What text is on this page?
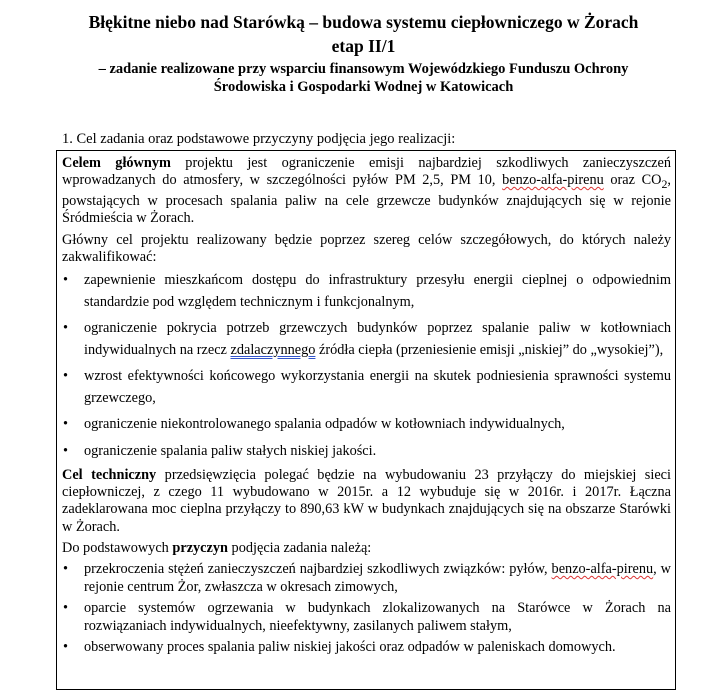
Błękitne niebo nad Starówką – budowa systemu ciepłowniczego w Żorach
etap II/1
– zadanie realizowane przy wsparciu finansowym Wojewódzkiego Funduszu Ochrony
Środowiska i Gospodarki Wodnej w Katowicach
1. Cel zadania oraz podstawowe przyczyny podjęcia jego realizacji:

Celem głównym projektu jest ograniczenie emisji najbardziej szkodliwych zanieczyszczeń wprowadzanych do atmosfery, w szczególności pyłów PM 2,5, PM 10, benzo-alfa-pirenu oraz $CO_2$, powstających w procesach spalania paliw na cele grzewcze budynków znajdujących się w rejonie Śródmieścia w Żorach.

Główny cel projektu realizowany będzie poprzez szereg celów szczegółowych, do których należy zakwalifikować:

• zapewnienie mieszkańcom dostępu do infrastruktury przesyłu energii cieplnej o odpowiednim standardzie pod względem technicznym i funkcjonalnym,
• ograniczenie pokrycia potrzeb grzewczych budynków poprzez spalanie paliw w kotłowniach indywidualnych na rzecz zdalaczynnego źródła ciepła (przeniesienie emisji „niskiej” do „wysokiej”),
• wzrost efektywności końcowego wykorzystania energii na skutek podniesienia sprawności systemu grzewczego,
• ograniczenie niekontrolowanego spalania odpadów w kotłowniach indywidualnych,
• ograniczenie spalania paliw stałych niskiej jakości.

Cel techniczny przedsięwzięcia polegać będzie na wybudowaniu 23 przyłączy do miejskiej sieci ciepłowniczej, z czego 11 wybudowano w 2015r. a 12 wybuduje się w 2016r. i 2017r. Łączna zadeklarowana moc cieplna przyłączy to 890,63 kW w budynkach znajdujących się na obszarze Starówki w Żorach.

Do podstawowych przyczyn podjęcia zadania należą:

• przekroczenia stężeń zanieczyszczeń najbardziej szkodliwych związków: pyłów, benzo-alfa-pirenu, w rejonie centrum Żor, zwłaszcza w okresach zimowych,
• oparcie systemów ogrzewania w budynkach zlokalizowanych na Starówce w Żorach na rozwiązaniach indywidualnych, nieefektywny, zasilanych paliwem stałym,
• obserwowany proces spalania paliw niskiej jakości oraz odpadów w paleniskach domowych.
